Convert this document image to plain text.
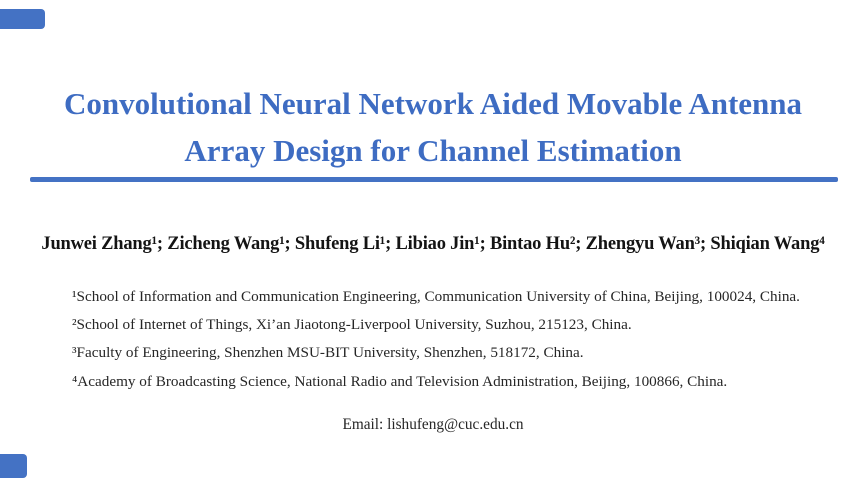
Convolutional Neural Network Aided Movable Antenna
Array Design for Channel Estimation
Junwei Zhang¹; Zicheng Wang¹; Shufeng Li¹; Libiao Jin¹; Bintao Hu²; Zhengyu Wan³; Shiqian Wang⁴

¹School of Information and Communication Engineering, Communication University of China, Beijing, 100024, China.

²School of Internet of Things, Xi’an Jiaotong-Liverpool University, Suzhou, 215123, China.

³Faculty of Engineering, Shenzhen MSU-BIT University, Shenzhen, 518172, China.

⁴Academy of Broadcasting Science, National Radio and Television Administration, Beijing, 100866, China.

Email: lishufeng@cuc.edu.cn
